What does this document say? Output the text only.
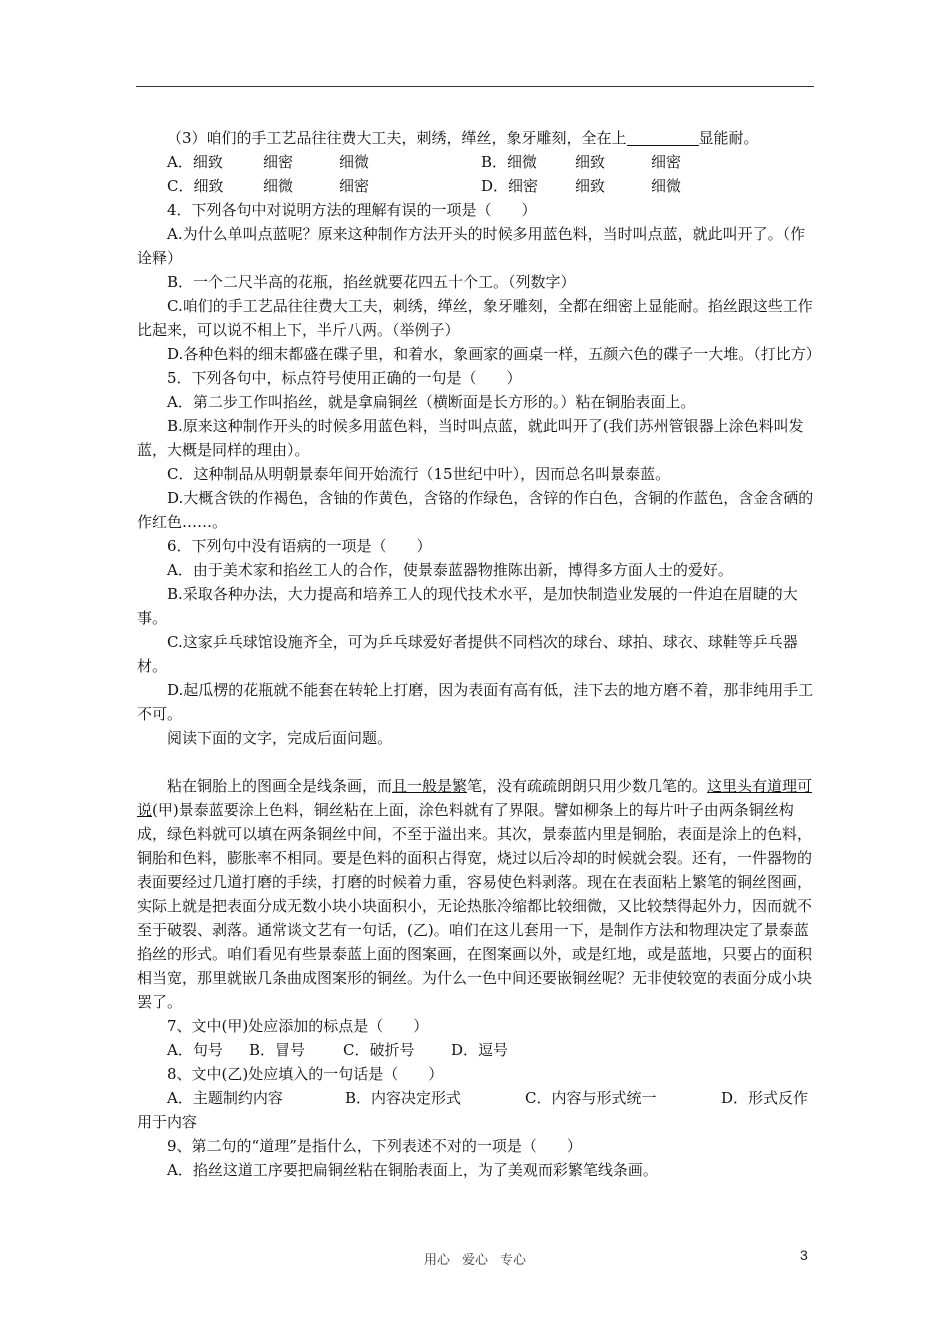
（3）咱们的手工艺品往往费大工夫，刺绣，缂丝，象牙雕刻，全在上	显能耐。

A．细致	细密	细微	B．细微	细致	细密

C．细致	细微	细密	D．细密 细致	细微

4．下列各句中对说明方法的理解有误的一项是（　　）

A.为什么单叫点蓝呢？原来这种制作方法开头的时候多用蓝色料，当时叫点蓝，就此叫开了。（作诠释）

B．一个二尺半高的花瓶，掐丝就要花四五十个工。（列数字）

C.咱们的手工艺品往往费大工夫，刺绣，缂丝，象牙雕刻，全都在细密上显能耐。掐丝跟这些工作比起来，可以说不相上下，半斤八两。（举例子）

D.各种色料的细末都盛在碟子里，和着水，象画家的画桌一样，五颜六色的碟子一大堆。（打比方）

5．下列各句中，标点符号使用正确的一句是（　　）

A．第二步工作叫掐丝，就是拿扁铜丝（横断面是长方形的。）粘在铜胎表面上。

B.原来这种制作开头的时候多用蓝色料，当时叫点蓝，就此叫开了(我们苏州管银器上涂色料叫发蓝，大概是同样的理由）。

C．这种制品从明朝景泰年间开始流行（15世纪中叶），因而总名叫景泰蓝。

D.大概含铁的作褐色，含铀的作黄色，含铬的作绿色，含锌的作白色，含铜的作蓝色，含金含硒的作红色……。

6．下列句中没有语病的一项是（　　）

A．由于美术家和掐丝工人的合作，使景泰蓝器物推陈出新，博得多方面人士的爱好。

B.采取各种办法，大力提高和培养工人的现代技术水平，是加快制造业发展的一件迫在眉睫的大事。

C.这家乒乓球馆设施齐全，可为乒乓球爱好者提供不同档次的球台、球拍、球衣、球鞋等乒乓器材。

D.起瓜楞的花瓶就不能套在转轮上打磨，因为表面有高有低，洼下去的地方磨不着，那非纯用手工不可。

阅读下面的文字，完成后面问题。

粘在铜胎上的图画全是线条画，而且一般是繁笔，没有疏疏朗朗只用少数几笔的。这里头有道理可说(甲)景泰蓝要涂上色料，铜丝粘在上面，涂色料就有了界限。譬如柳条上的每片叶子由两条铜丝构成，绿色料就可以填在两条铜丝中间，不至于溢出来。其次，景泰蓝内里是铜胎，表面是涂上的色料，铜胎和色料，膨胀率不相同。要是色料的面积占得宽，烧过以后冷却的时候就会裂。还有，一件器物的表面要经过几道打磨的手续，打磨的时候着力重，容易使色料剥落。现在在表面粘上繁笔的铜丝图画，实际上就是把表面分成无数小块小块面积小，无论热胀冷缩都比较细微，又比较禁得起外力，因而就不至于破裂、剥落。通常谈文艺有一句话，(乙)。咱们在这儿套用一下，是制作方法和物理决定了景泰蓝掐丝的形式。咱们看见有些景泰蓝上面的图案画，在图案画以外，或是红地，或是蓝地，只要占的面积相当宽，那里就嵌几条曲成图案形的铜丝。为什么一色中间还要嵌铜丝呢？无非使较宽的表面分成小块罢了。

7、文中(甲)处应添加的标点是（　　）

A．句号 B．冒号	C．破折号 D．逗号

8、文中(乙)处应填入的一句话是（　　）

A．主题制约内容	B．内容决定形式	C．内容与形式统一	D．形式反作

用于内容

9、第二句的“道理”是指什么，下列表述不对的一项是（　　）

A．掐丝这道工序要把扁铜丝粘在铜胎表面上，为了美观而彩繁笔线条画。

用心 爱心 专心	3
